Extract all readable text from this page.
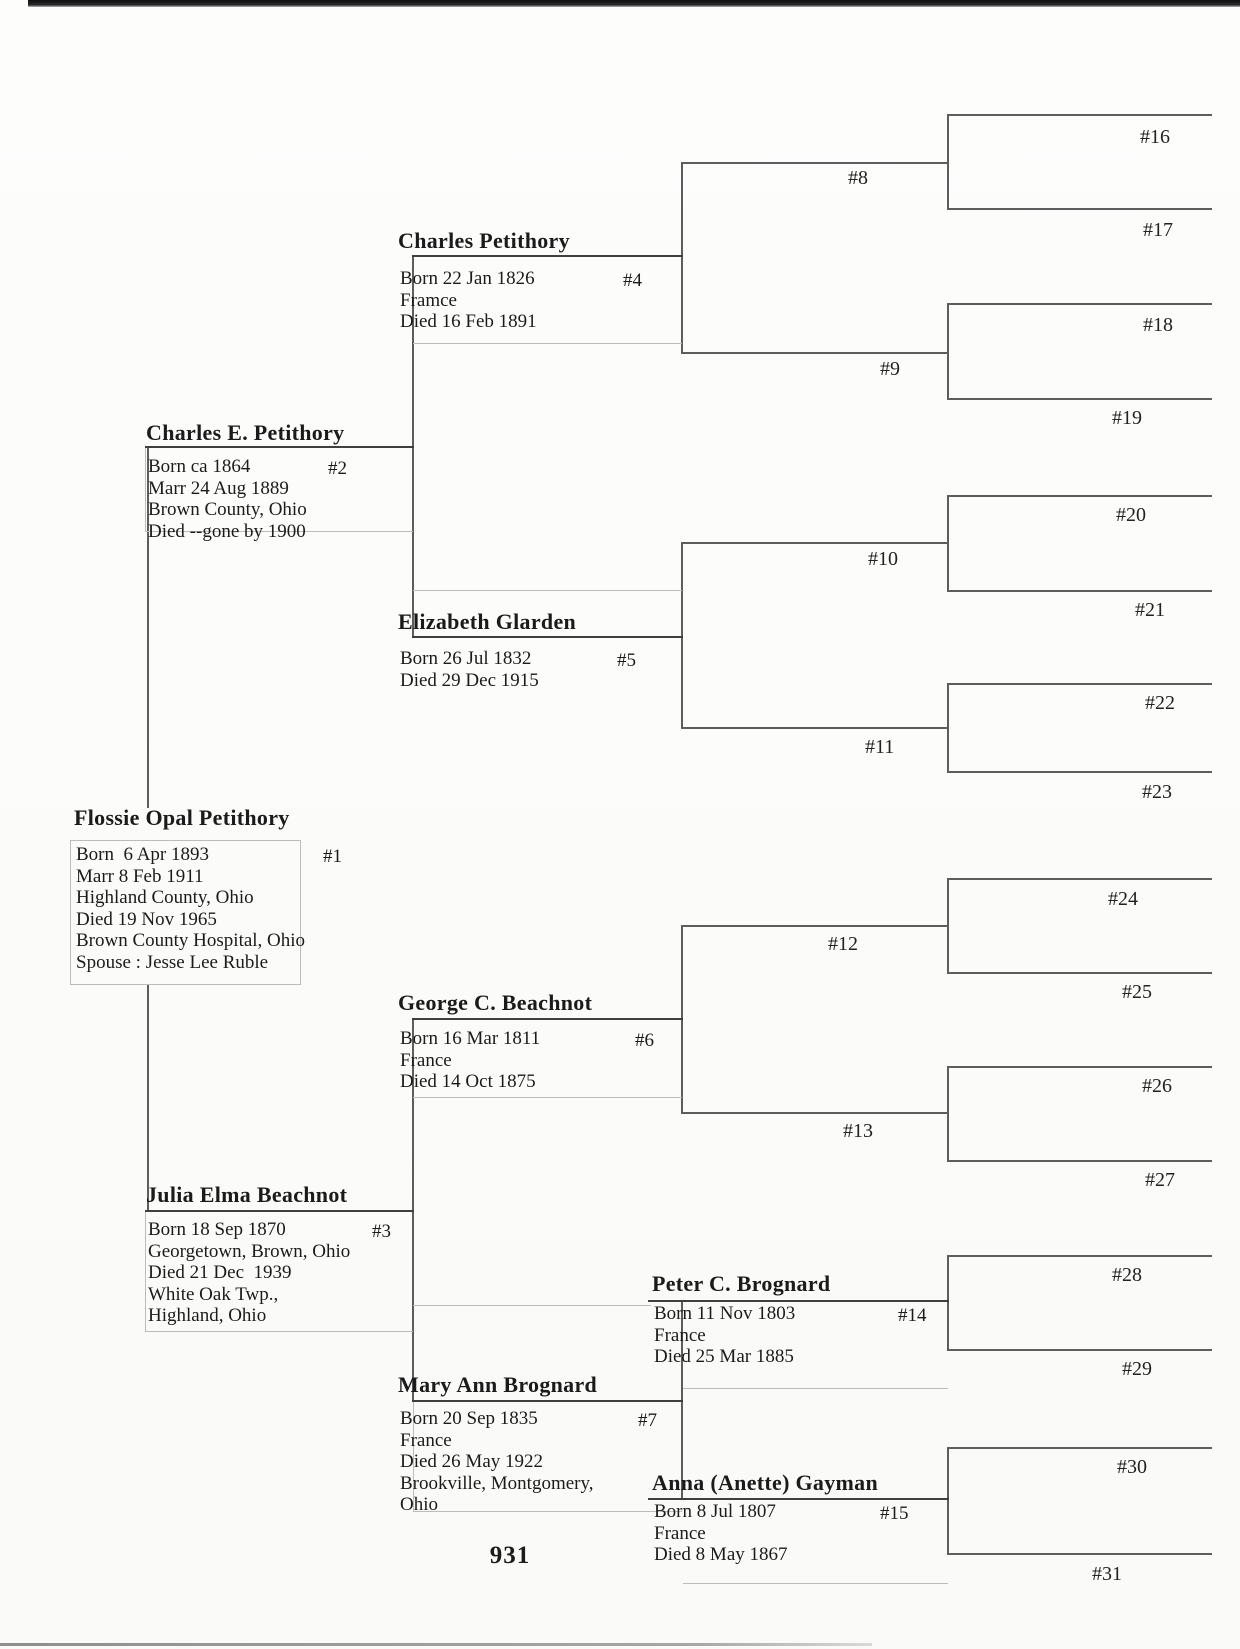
Flossie Opal Petithory
Born  6 Apr 1893
Marr 8 Feb 1911
Highland County, Ohio
Died 19 Nov 1965
Brown County Hospital, Ohio
Spouse : Jesse Lee Ruble
#1
Charles E. Petithory
Born ca 1864
Marr 24 Aug 1889
Brown County, Ohio
Died --gone by 1900
#2
Julia Elma Beachnot
Born 18 Sep 1870
Georgetown, Brown, Ohio
Died 21 Dec  1939
White Oak Twp.,
Highland, Ohio
#3
Charles Petithory
Born 22 Jan 1826
Framce
Died 16 Feb 1891
#4
Elizabeth Glarden
Born 26 Jul 1832
Died 29 Dec 1915
#5
George C. Beachnot
Born 16 Mar 1811
France
Died 14 Oct 1875
#6
Mary Ann Brognard
Born 20 Sep 1835
France
Died 26 May 1922
Brookville, Montgomery,
Ohio
#7
Peter C. Brognard
Born 11 Nov 1803
France
Died 25 Mar 1885
#14
Anna (Anette) Gayman
Born 8 Jul 1807
France
Died 8 May 1867
#15
#8
#9
#10
#11
#12
#13
#16
#17
#18
#19
#20
#21
#22
#23
#24
#25
#26
#27
#28
#29
#30
#31
931
